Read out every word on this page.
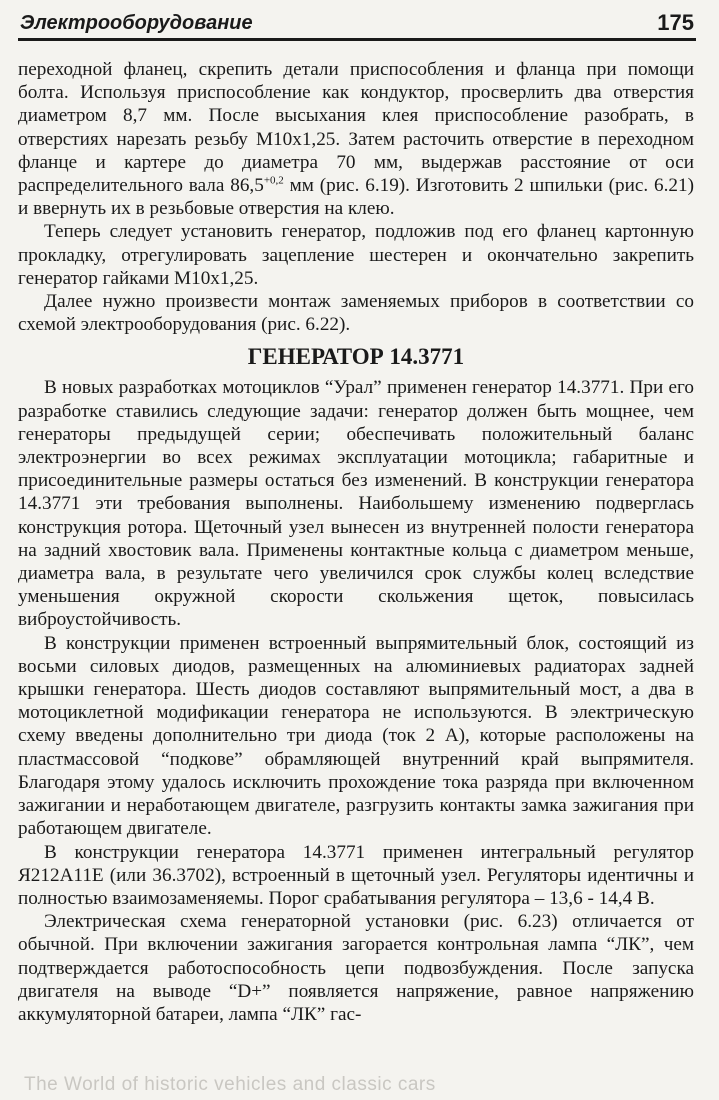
Электрооборудование	175

переходной фланец, скрепить детали приспособления и фланца при помощи болта. Используя приспособление как кондуктор, просверлить два отверстия диаметром 8,7 мм. После высыхания клея приспособление разобрать, в отверстиях нарезать резьбу М10х1,25. Затем расточить отверстие в переходном фланце и картере до диаметра 70 мм, выдержав расстояние от оси распределительного вала $86,5^{+0,2}$ мм (рис. 6.19). Изготовить 2 шпильки (рис. 6.21) и ввернуть их в резьбовые отверстия на клею.

Теперь следует установить генератор, подложив под его фланец картонную прокладку, отрегулировать зацепление шестерен и окончательно закрепить генератор гайками М10х1,25.

Далее нужно произвести монтаж заменяемых приборов в соответствии со схемой электрооборудования (рис. 6.22).

ГЕНЕРАТОР 14.3771

В новых разработках мотоциклов “Урал” применен генератор 14.3771. При его разработке ставились следующие задачи: генератор должен быть мощнее, чем генераторы предыдущей серии; обеспечивать положительный баланс электроэнергии во всех режимах эксплуатации мотоцикла; габаритные и присоединительные размеры остаться без изменений. В конструкции генератора 14.3771 эти требования выполнены. Наибольшему изменению подверглась конструкция ротора. Щеточный узел вынесен из внутренней полости генератора на задний хвостовик вала. Применены контактные кольца с диаметром меньше, диаметра вала, в результате чего увеличился срок службы колец вследствие уменьшения окружной скорости скольжения щеток, повысилась виброустойчивость.

В конструкции применен встроенный выпрямительный блок, состоящий из восьми силовых диодов, размещенных на алюминиевых радиаторах задней крышки генератора. Шесть диодов составляют выпрямительный мост, а два в мотоциклетной модификации генератора не используются. В электрическую схему введены дополнительно три диода (ток 2 А), которые расположены на пластмассовой “подкове” обрамляющей внутренний край выпрямителя. Благодаря этому удалось исключить прохождение тока разряда при включенном зажигании и неработающем двигателе, разгрузить контакты замка зажигания при работающем двигателе.

В конструкции генератора 14.3771 применен интегральный регулятор Я212А11Е (или 36.3702), встроенный в щеточный узел. Регуляторы идентичны и полностью взаимозаменяемы. Порог срабатывания регулятора – 13,6 - 14,4 В.

Электрическая схема генераторной установки (рис. 6.23) отличается от обычной. При включении зажигания загорается контрольная лампа “ЛК”, чем подтверждается работоспособность цепи подвозбуждения. После запуска двигателя на выводе “D+” появляется напряжение, равное напряжению аккумуляторной батареи, лампа “ЛК” гас-

The World of historic vehicles and classic cars
